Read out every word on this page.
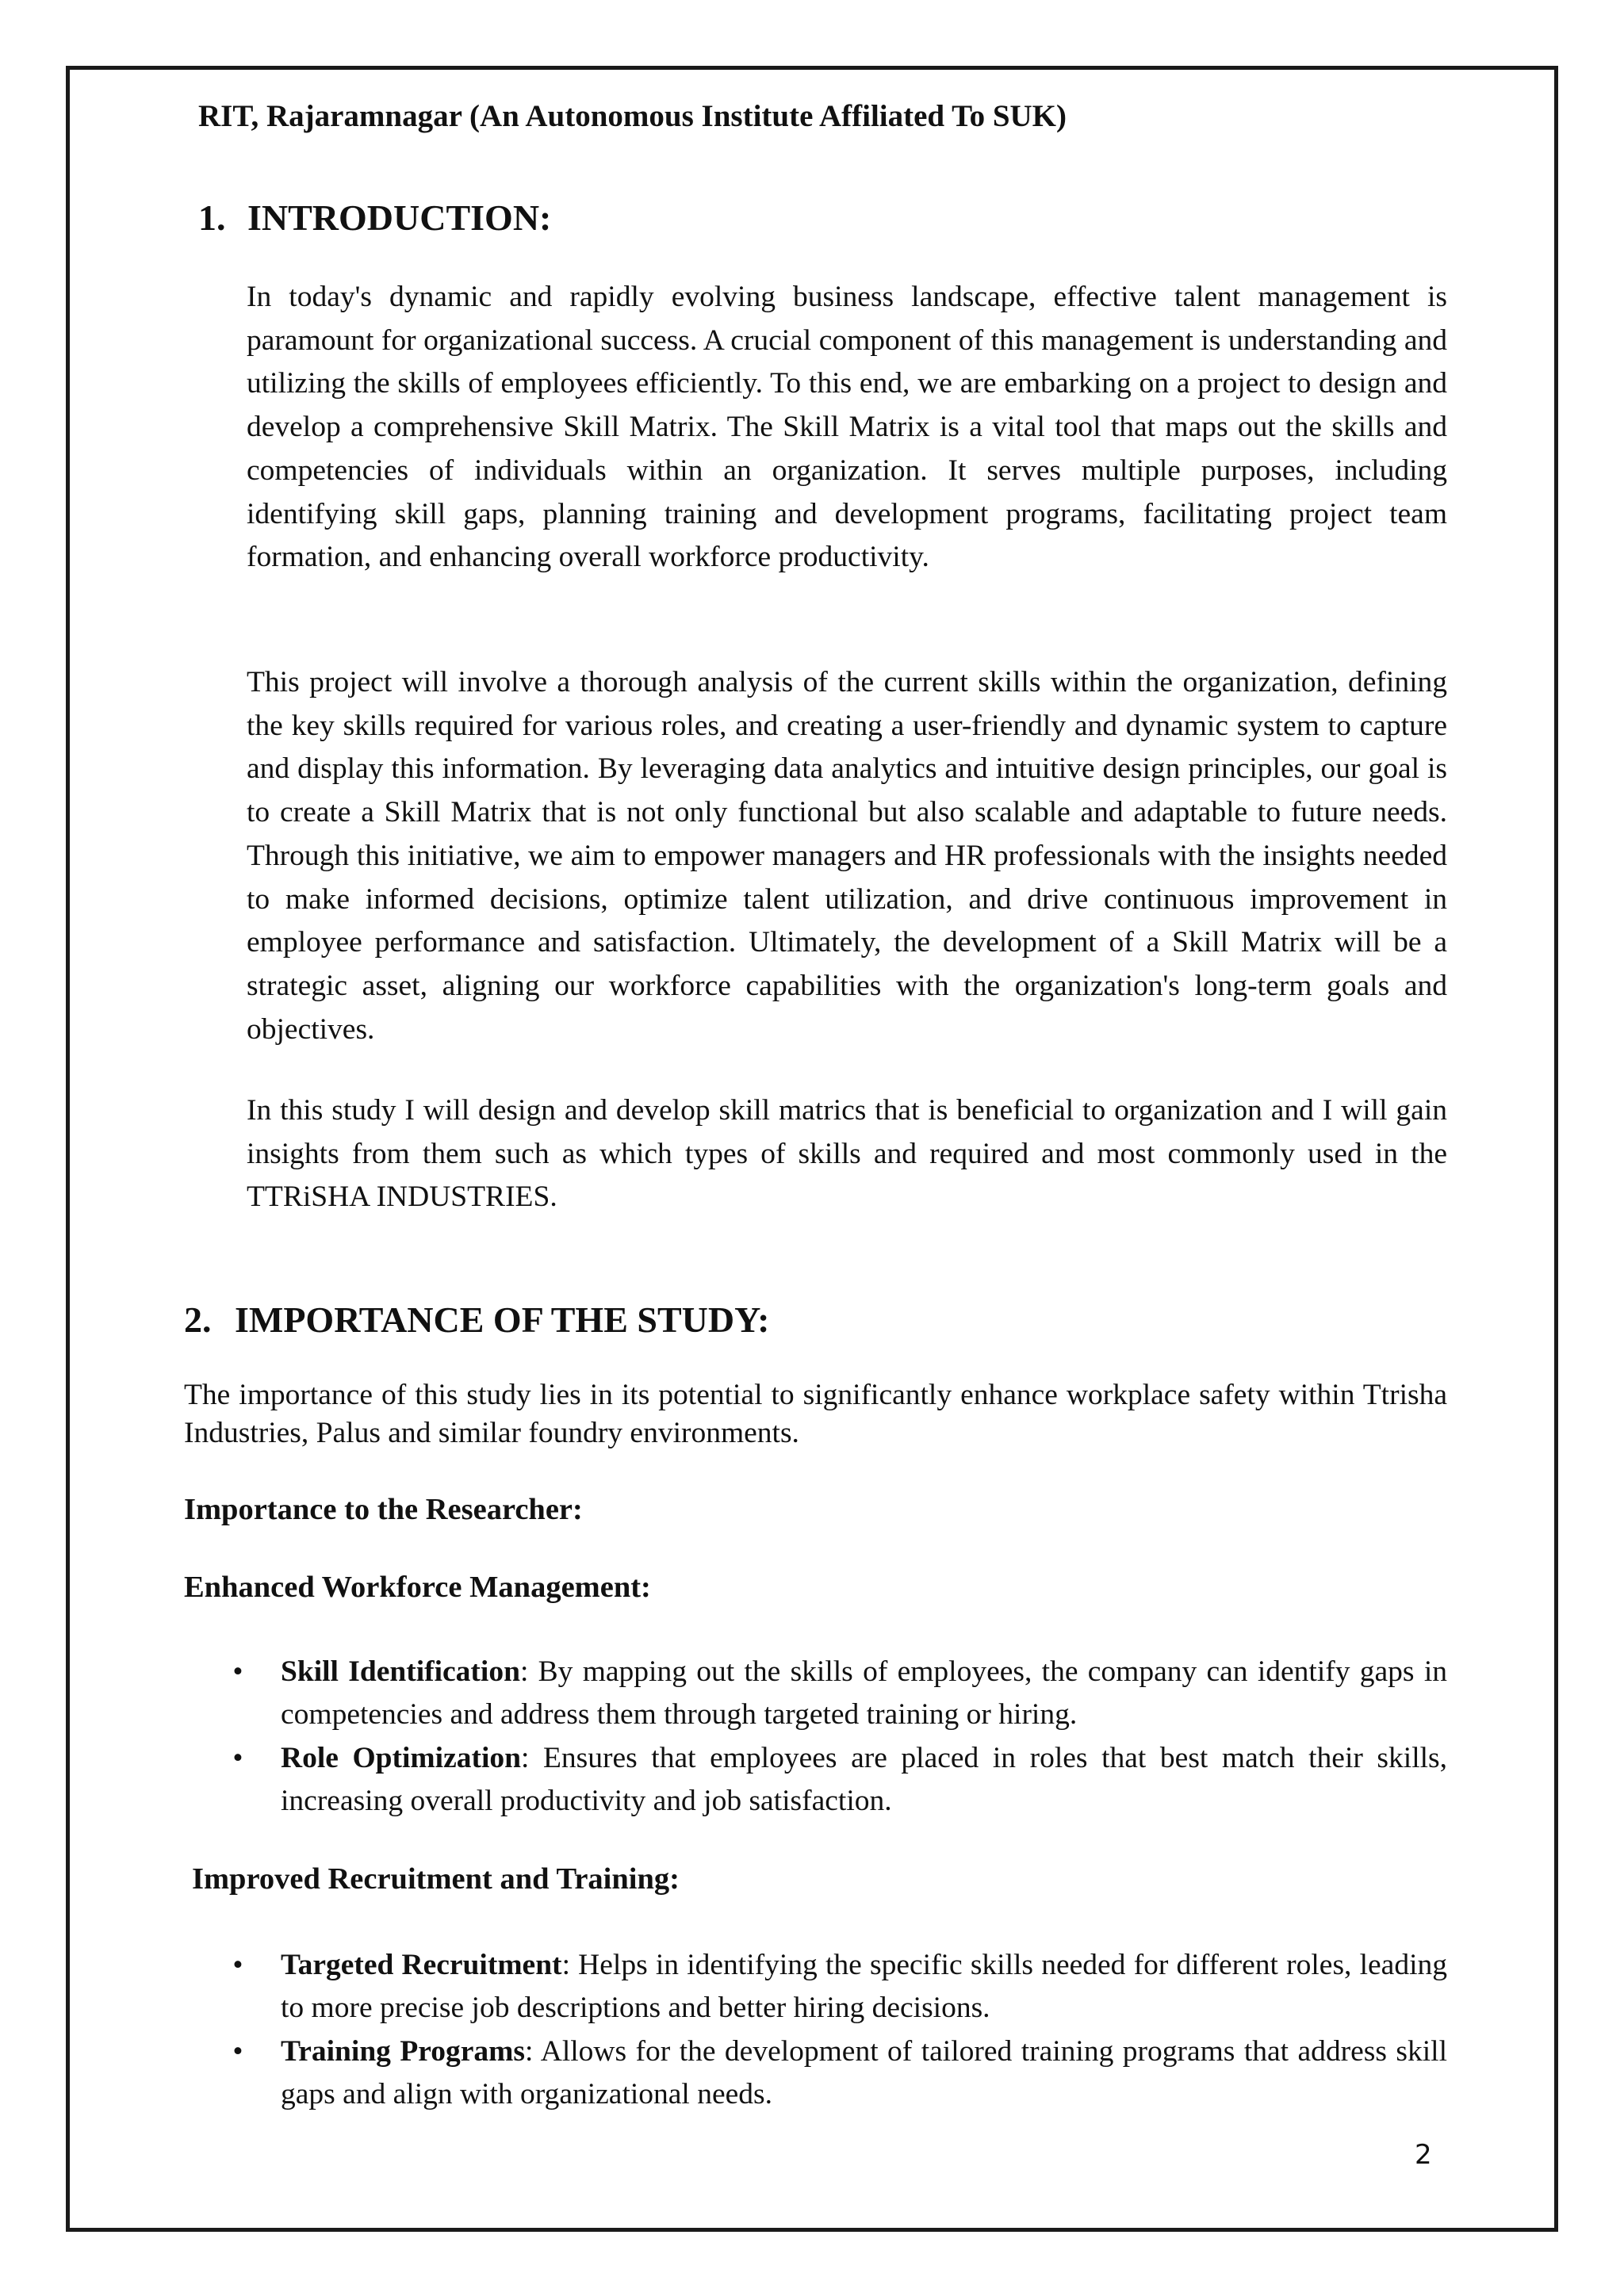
RIT, Rajaramnagar (An Autonomous Institute Affiliated To SUK)
1. INTRODUCTION:

In today's dynamic and rapidly evolving business landscape, effective talent management is paramount for organizational success. A crucial component of this management is understanding and utilizing the skills of employees efficiently. To this end, we are embarking on a project to design and develop a comprehensive Skill Matrix. The Skill Matrix is a vital tool that maps out the skills and competencies of individuals within an organization. It serves multiple purposes, including identifying skill gaps, planning training and development programs, facilitating project team formation, and enhancing overall workforce productivity.

This project will involve a thorough analysis of the current skills within the organization, defining the key skills required for various roles, and creating a user-friendly and dynamic system to capture and display this information. By leveraging data analytics and intuitive design principles, our goal is to create a Skill Matrix that is not only functional but also scalable and adaptable to future needs. Through this initiative, we aim to empower managers and HR professionals with the insights needed to make informed decisions, optimize talent utilization, and drive continuous improvement in employee performance and satisfaction. Ultimately, the development of a Skill Matrix will be a strategic asset, aligning our workforce capabilities with the organization's long-term goals and objectives.

In this study I will design and develop skill matrics that is beneficial to organization and I will gain insights from them such as which types of skills and required and most commonly used in the TTRiSHA INDUSTRIES.

2. IMPORTANCE OF THE STUDY:

The importance of this study lies in its potential to significantly enhance workplace safety within Ttrisha Industries, Palus and similar foundry environments.

Importance to the Researcher:
Enhanced Workforce Management:
• Skill Identification: By mapping out the skills of employees, the company can identify gaps in competencies and address them through targeted training or hiring.
• Role Optimization: Ensures that employees are placed in roles that best match their skills, increasing overall productivity and job satisfaction.
Improved Recruitment and Training:
• Targeted Recruitment: Helps in identifying the specific skills needed for different roles, leading to more precise job descriptions and better hiring decisions.
• Training Programs: Allows for the development of tailored training programs that address skill gaps and align with organizational needs.
2
